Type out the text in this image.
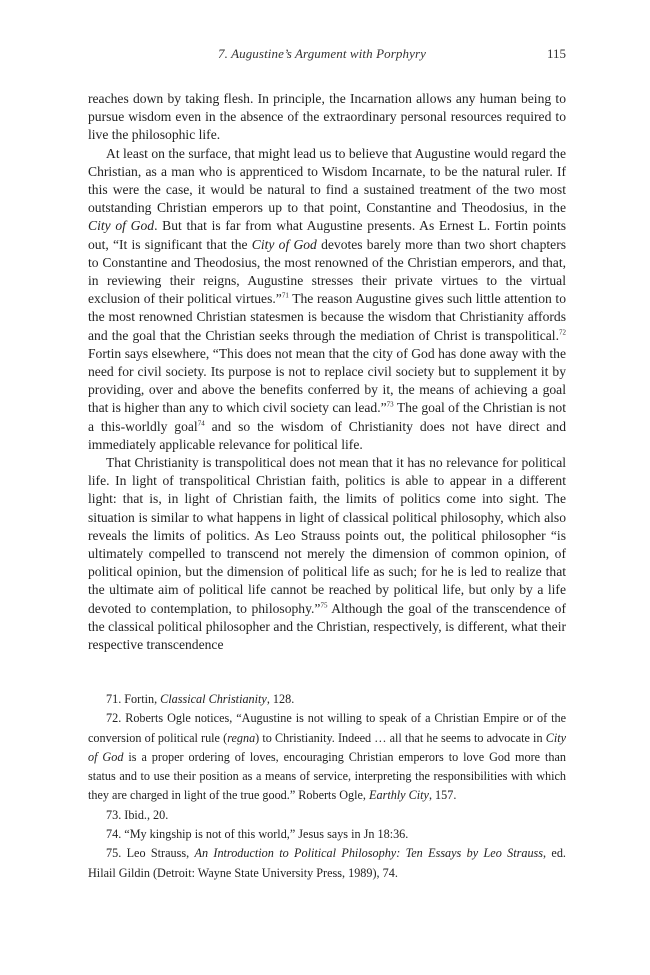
7. Augustine’s Argument with Porphyry	115

reaches down by taking flesh. In principle, the Incarnation allows any human being to pursue wisdom even in the absence of the extraordinary personal resources required to live the philosophic life.

At least on the surface, that might lead us to believe that Augustine would regard the Christian, as a man who is apprenticed to Wisdom Incarnate, to be the natural ruler. If this were the case, it would be natural to find a sustained treatment of the two most outstanding Christian emperors up to that point, Constantine and Theodosius, in the City of God. But that is far from what Augustine presents. As Ernest L. Fortin points out, “It is significant that the City of God devotes barely more than two short chapters to Constantine and Theodosius, the most renowned of the Christian emperors, and that, in reviewing their reigns, Augustine stresses their private virtues to the virtual exclusion of their political virtues.”$^{71}$ The reason Augustine gives such little attention to the most renowned Christian statesmen is because the wisdom that Christianity affords and the goal that the Christian seeks through the mediation of Christ is transpolitical.$^{72}$ Fortin says elsewhere, “This does not mean that the city of God has done away with the need for civil society. Its purpose is not to replace civil society but to supplement it by providing, over and above the benefits conferred by it, the means of achieving a goal that is higher than any to which civil society can lead.”$^{73}$ The goal of the Christian is not a this-worldly goal$^{74}$ and so the wisdom of Christianity does not have direct and immediately applicable relevance for political life.

That Christianity is transpolitical does not mean that it has no relevance for political life. In light of transpolitical Christian faith, politics is able to appear in a different light: that is, in light of Christian faith, the limits of politics come into sight. The situation is similar to what happens in light of classical political philosophy, which also reveals the limits of politics. As Leo Strauss points out, the political philosopher “is ultimately compelled to transcend not merely the dimension of common opinion, of political opinion, but the dimension of political life as such; for he is led to realize that the ultimate aim of political life cannot be reached by political life, but only by a life devoted to contemplation, to philosophy.”$^{75}$ Although the goal of the transcendence of the classical political philosopher and the Christian, respectively, is different, what their respective transcendence

71. Fortin, Classical Christianity, 128.

72. Roberts Ogle notices, “Augustine is not willing to speak of a Christian Empire or of the conversion of political rule (regna) to Christianity. Indeed … all that he seems to advocate in City of God is a proper ordering of loves, encouraging Christian emperors to love God more than status and to use their position as a means of service, interpreting the responsibilities with which they are charged in light of the true good.” Roberts Ogle, Earthly City, 157.

73. Ibid., 20.

74. “My kingship is not of this world,” Jesus says in Jn 18:36.

75. Leo Strauss, An Introduction to Political Philosophy: Ten Essays by Leo Strauss, ed. Hilail Gildin (Detroit: Wayne State University Press, 1989), 74.
